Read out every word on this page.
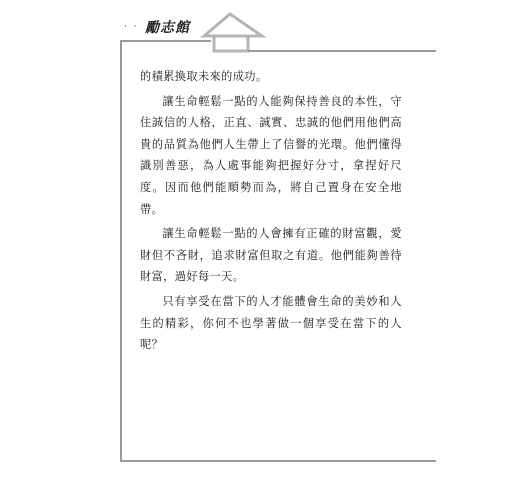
· · 勵志館

的積累換取未來的成功。

讓生命輕鬆一點的人能夠保持善良的本性，守住誠信的人格，正直、誠實、忠誠的他們用他們高貴的品質為他們人生帶上了信譽的光環。他們懂得識別善惡，為人處事能夠把握好分寸，拿捏好尺度。因而他們能順勢而為，將自己置身在安全地帶。

讓生命輕鬆一點的人會擁有正確的財富觀，愛財但不吝財，追求財富但取之有道。他們能夠善待財富，過好每一天。

只有享受在當下的人才能體會生命的美妙和人生的精彩，你何不也學著做一個享受在當下的人呢？
